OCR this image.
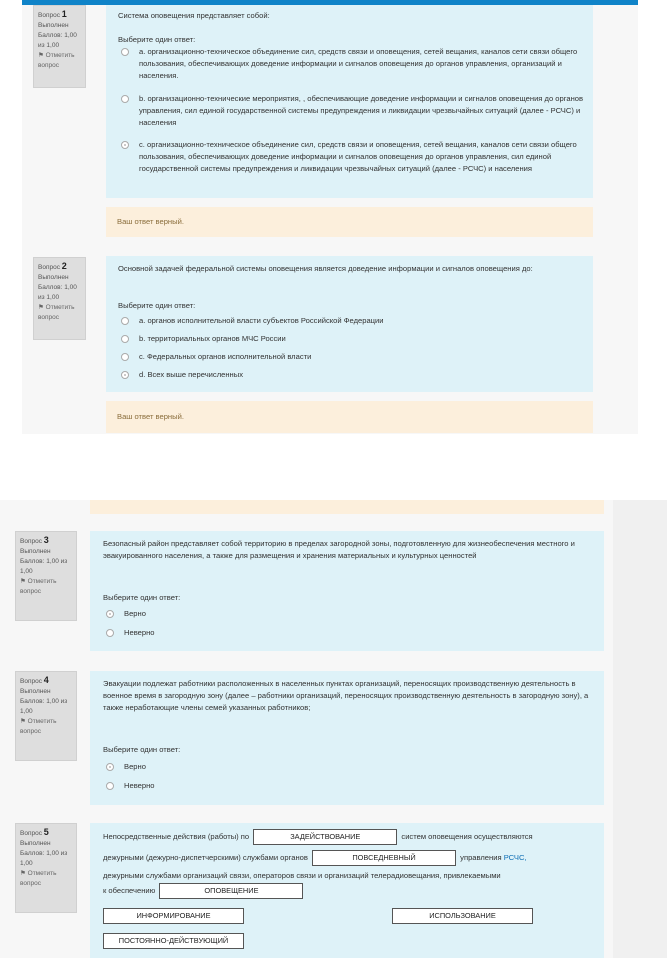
Вопрос 1
Выполнен
Баллов: 1,00 из 1,00
⚑ Отметить вопрос
Система оповещения представляет собой:
Выберите один ответ:
a. организационно-техническое объединение сил, средств связи и оповещения, сетей вещания, каналов сети связи общего пользования, обеспечивающих доведение информации и сигналов оповещения до органов управления, организаций и населения.
b. организационно-технические мероприятия, , обеспечивающие доведение информации и сигналов оповещения до органов управления, сил единой государственной системы предупреждения и ликвидации чрезвычайных ситуаций (далее - РСЧС) и населения
c. организационно-техническое объединение сил, средств связи и оповещения, сетей вещания, каналов сети связи общего пользования, обеспечивающих доведение информации и сигналов оповещения до органов управления, сил единой государственной системы предупреждения и ликвидации чрезвычайных ситуаций (далее - РСЧС) и населения
Ваш ответ верный.
Вопрос 2
Выполнен
Баллов: 1,00 из 1,00
⚑ Отметить вопрос
Основной задачей федеральной системы оповещения является доведение информации и сигналов оповещения до:
Выберите один ответ:
a. органов исполнительной власти субъектов Российской Федерации
b. территориальных органов МЧС России
c. Федеральных органов исполнительной власти
d. Всех выше перечисленных
Ваш ответ верный.
Вопрос 3
Выполнен
Баллов: 1,00 из 1,00
⚑ Отметить вопрос
Безопасный район представляет собой территорию в пределах загородной зоны, подготовленную для жизнеобеспечения местного и эвакуированного населения, а также для размещения и хранения материальных и культурных ценностей
Выберите один ответ:
Верно
Неверно
Вопрос 4
Выполнен
Баллов: 1,00 из 1,00
⚑ Отметить вопрос
Эвакуации подлежат работники расположенных в населенных пунктах организаций, переносящих производственную деятельность в военное время в загородную зону (далее – работники организаций, переносящих производственную деятельность в загородную зону), а также неработающие члены семей указанных работников;
Выберите один ответ:
Верно
Неверно
Вопрос 5
Выполнен
Баллов: 1,00 из 1,00
⚑ Отметить вопрос
Непосредственные действия (работы) по	ЗАДЕЙСТВОВАНИЕ	систем оповещения осуществляются
дежурными (дежурно-диспетчерскими) службами органов	ПОВСЕДНЕВНЫЙ	управления РСЧС,
дежурными службами организаций связи, операторов связи и организаций телерадиовещания, привлекаемыми
к обеспечению	ОПОВЕЩЕНИЕ
ИНФОРМИРОВАНИЕ	ИСПОЛЬЗОВАНИЕ
ПОСТОЯННО-ДЕЙСТВУЮЩИЙ
